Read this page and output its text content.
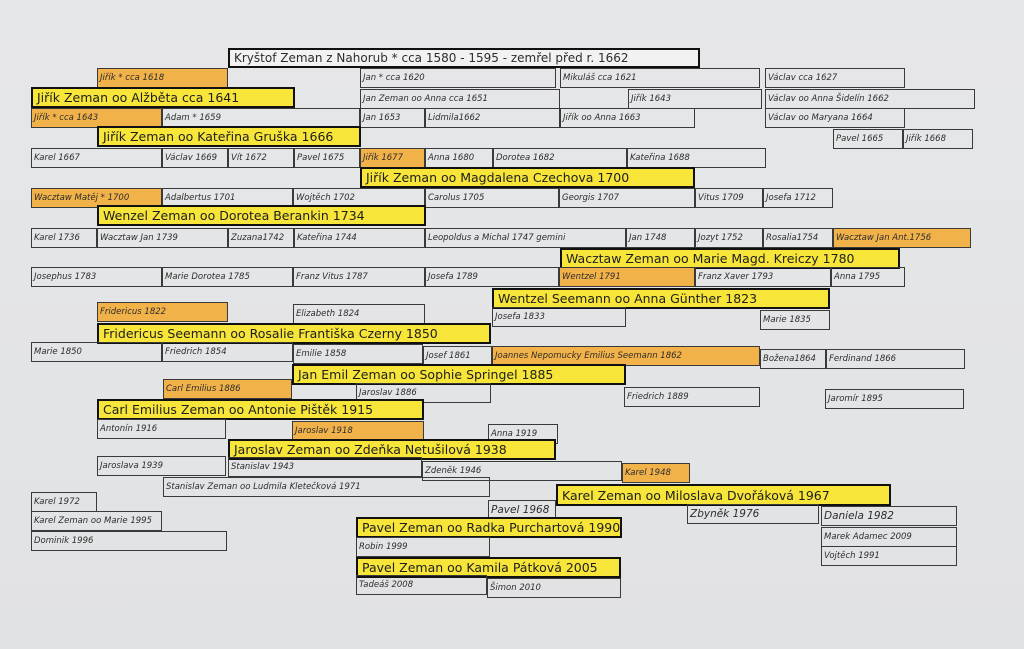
Kryštof Zeman z Nahorub * cca 1580 - 1595 - zemřel před r. 1662
Jiřík * cca 1618	Jan * cca 1620	Mikuláš cca 1621	Václav cca 1627
Jiřík Zeman oo Alžběta cca 1641	Jan Zeman oo Anna cca 1651	Jiřík 1643	Václav oo Anna Šidelín 1662
Jiřík * cca 1643	Adam * 1659	Jan 1653	Lidmila1662	Jiřík oo Anna 1663	Václav oo Maryana 1664
Jiřík Zeman oo Kateřina Gruška 1666	Pavel 1665	Jiřík 1668
Karel 1667	Václav 1669	Vít 1672	Pavel 1675	Jiřík 1677	Anna 1680	Dorotea 1682	Kateřina 1688
Jiřík Zeman oo Magdalena Czechova 1700
Wacztaw Matěj * 1700	Adalbertus 1701	Wojtěch 1702	Carolus 1705	Georgis 1707	Vitus 1709	Josefa 1712
Wenzel Zeman oo Dorotea Berankin 1734
Karel 1736	Wacztaw Jan 1739	Zuzana1742	Kateřina 1744	Leopoldus a Michal 1747 gemini	Jan 1748	Jozyt 1752	Rosalia1754	Wacztaw Jan Ant.1756
Wacztaw Zeman oo Marie Magd. Kreiczy 1780
Josephus 1783	Marie Dorotea 1785	Franz Vitus 1787	Josefa 1789	Wentzel 1791	Franz Xaver 1793	Anna 1795
Wentzel Seemann oo Anna Günther 1823
Fridericus 1822	Elizabeth 1824	Josefa 1833	Marie 1835
Fridericus Seemann oo Rosalie Františka Czerny 1850
Marie 1850	Friedrich 1854	Emilie 1858	Josef 1861	Joannes Nepomucky Emilius Seemann 1862	Božena1864	Ferdinand 1866
Jan Emil Zeman oo Sophie Springel 1885
Carl Emilius 1886	Jaroslav 1886	Friedrich 1889	Jaromír 1895
Carl Emilius Zeman oo Antonie Pištěk 1915
Antonín 1916	Jaroslav 1918	Anna 1919
Jaroslav Zeman oo Zdeňka Netušilová 1938
Jaroslava 1939	Stanislav 1943	Zdeněk 1946	Karel 1948
Stanislav Zeman oo Ludmila Kletečková 1971
Karel Zeman oo Miloslava Dvořáková 1967
Karel 1972
Pavel 1968	Zbyněk 1976	Daniela 1982
Karel Zeman oo Marie 1995	Pavel Zeman oo Radka Purchartová 1990
Marek Adamec 2009
Dominik 1996
Robin 1999
Vojtěch 1991
Pavel Zeman oo Kamila Pátková 2005
Tadeáš 2008	Šimon 2010
